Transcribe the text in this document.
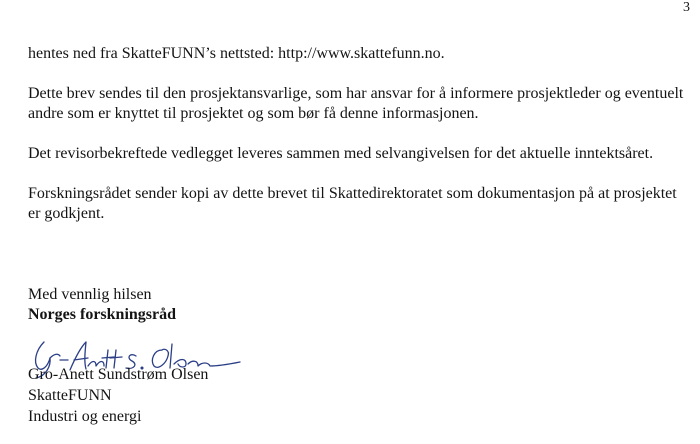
3

hentes ned fra SkatteFUNN’s nettsted: http://www.skattefunn.no.

Dette brev sendes til den prosjektansvarlige, som har ansvar for å informere prosjektleder og eventuelt andre som er knyttet til prosjektet og som bør få denne informasjonen.

Det revisorbekreftede vedlegget leveres sammen med selvangivelsen for det aktuelle inntektsåret.

Forskningsrådet sender kopi av dette brevet til Skattedirektoratet som dokumentasjon på at prosjektet er godkjent.

Med vennlig hilsen
Norges forskningsråd
Gro-Anett Sundstrøm Olsen
SkatteFUNN
Industri og energi
